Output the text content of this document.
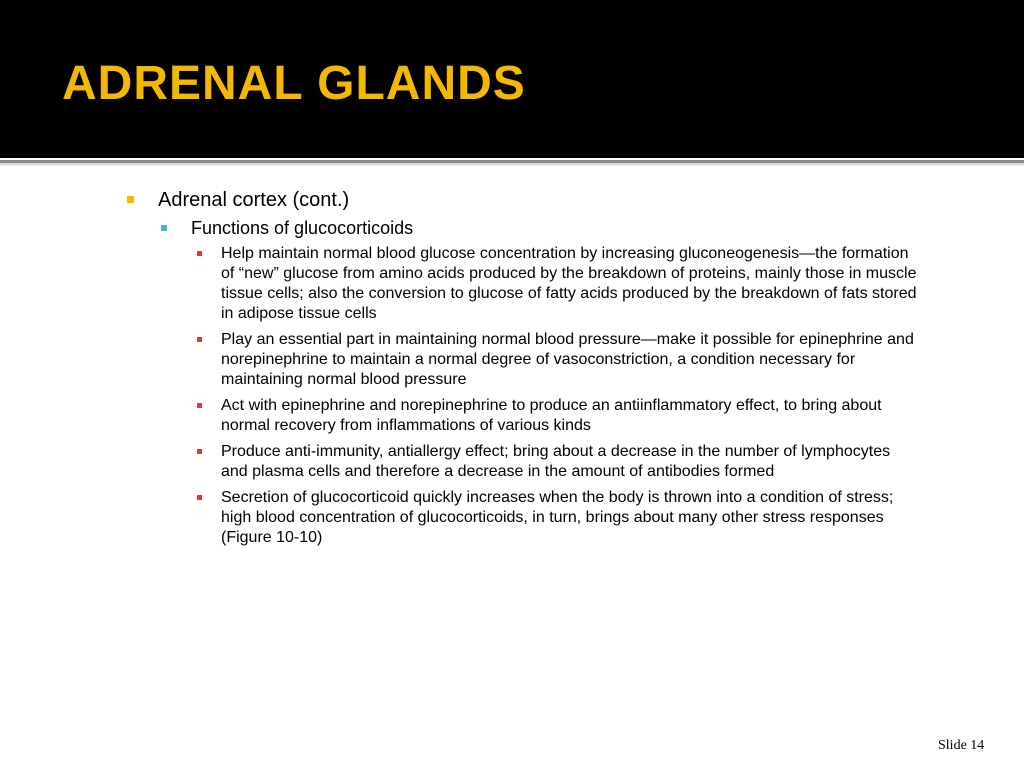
ADRENAL GLANDS
Adrenal cortex (cont.)
Functions of glucocorticoids
Help maintain normal blood glucose concentration by increasing gluconeogenesis—the formation of “new” glucose from amino acids produced by the breakdown of proteins, mainly those in muscle tissue cells; also the conversion to glucose of fatty acids produced by the breakdown of fats stored in adipose tissue cells
Play an essential part in maintaining normal blood pressure—make it possible for epinephrine and norepinephrine to maintain a normal degree of vasoconstriction, a condition necessary for maintaining normal blood pressure
Act with epinephrine and norepinephrine to produce an antiinflammatory effect, to bring about normal recovery from inflammations of various kinds
Produce anti-immunity, antiallergy effect; bring about a decrease in the number of lymphocytes and plasma cells and therefore a decrease in the amount of antibodies formed
Secretion of glucocorticoid quickly increases when the body is thrown into a condition of stress; high blood concentration of glucocorticoids, in turn, brings about many other stress responses (Figure 10-10)
Slide 14
